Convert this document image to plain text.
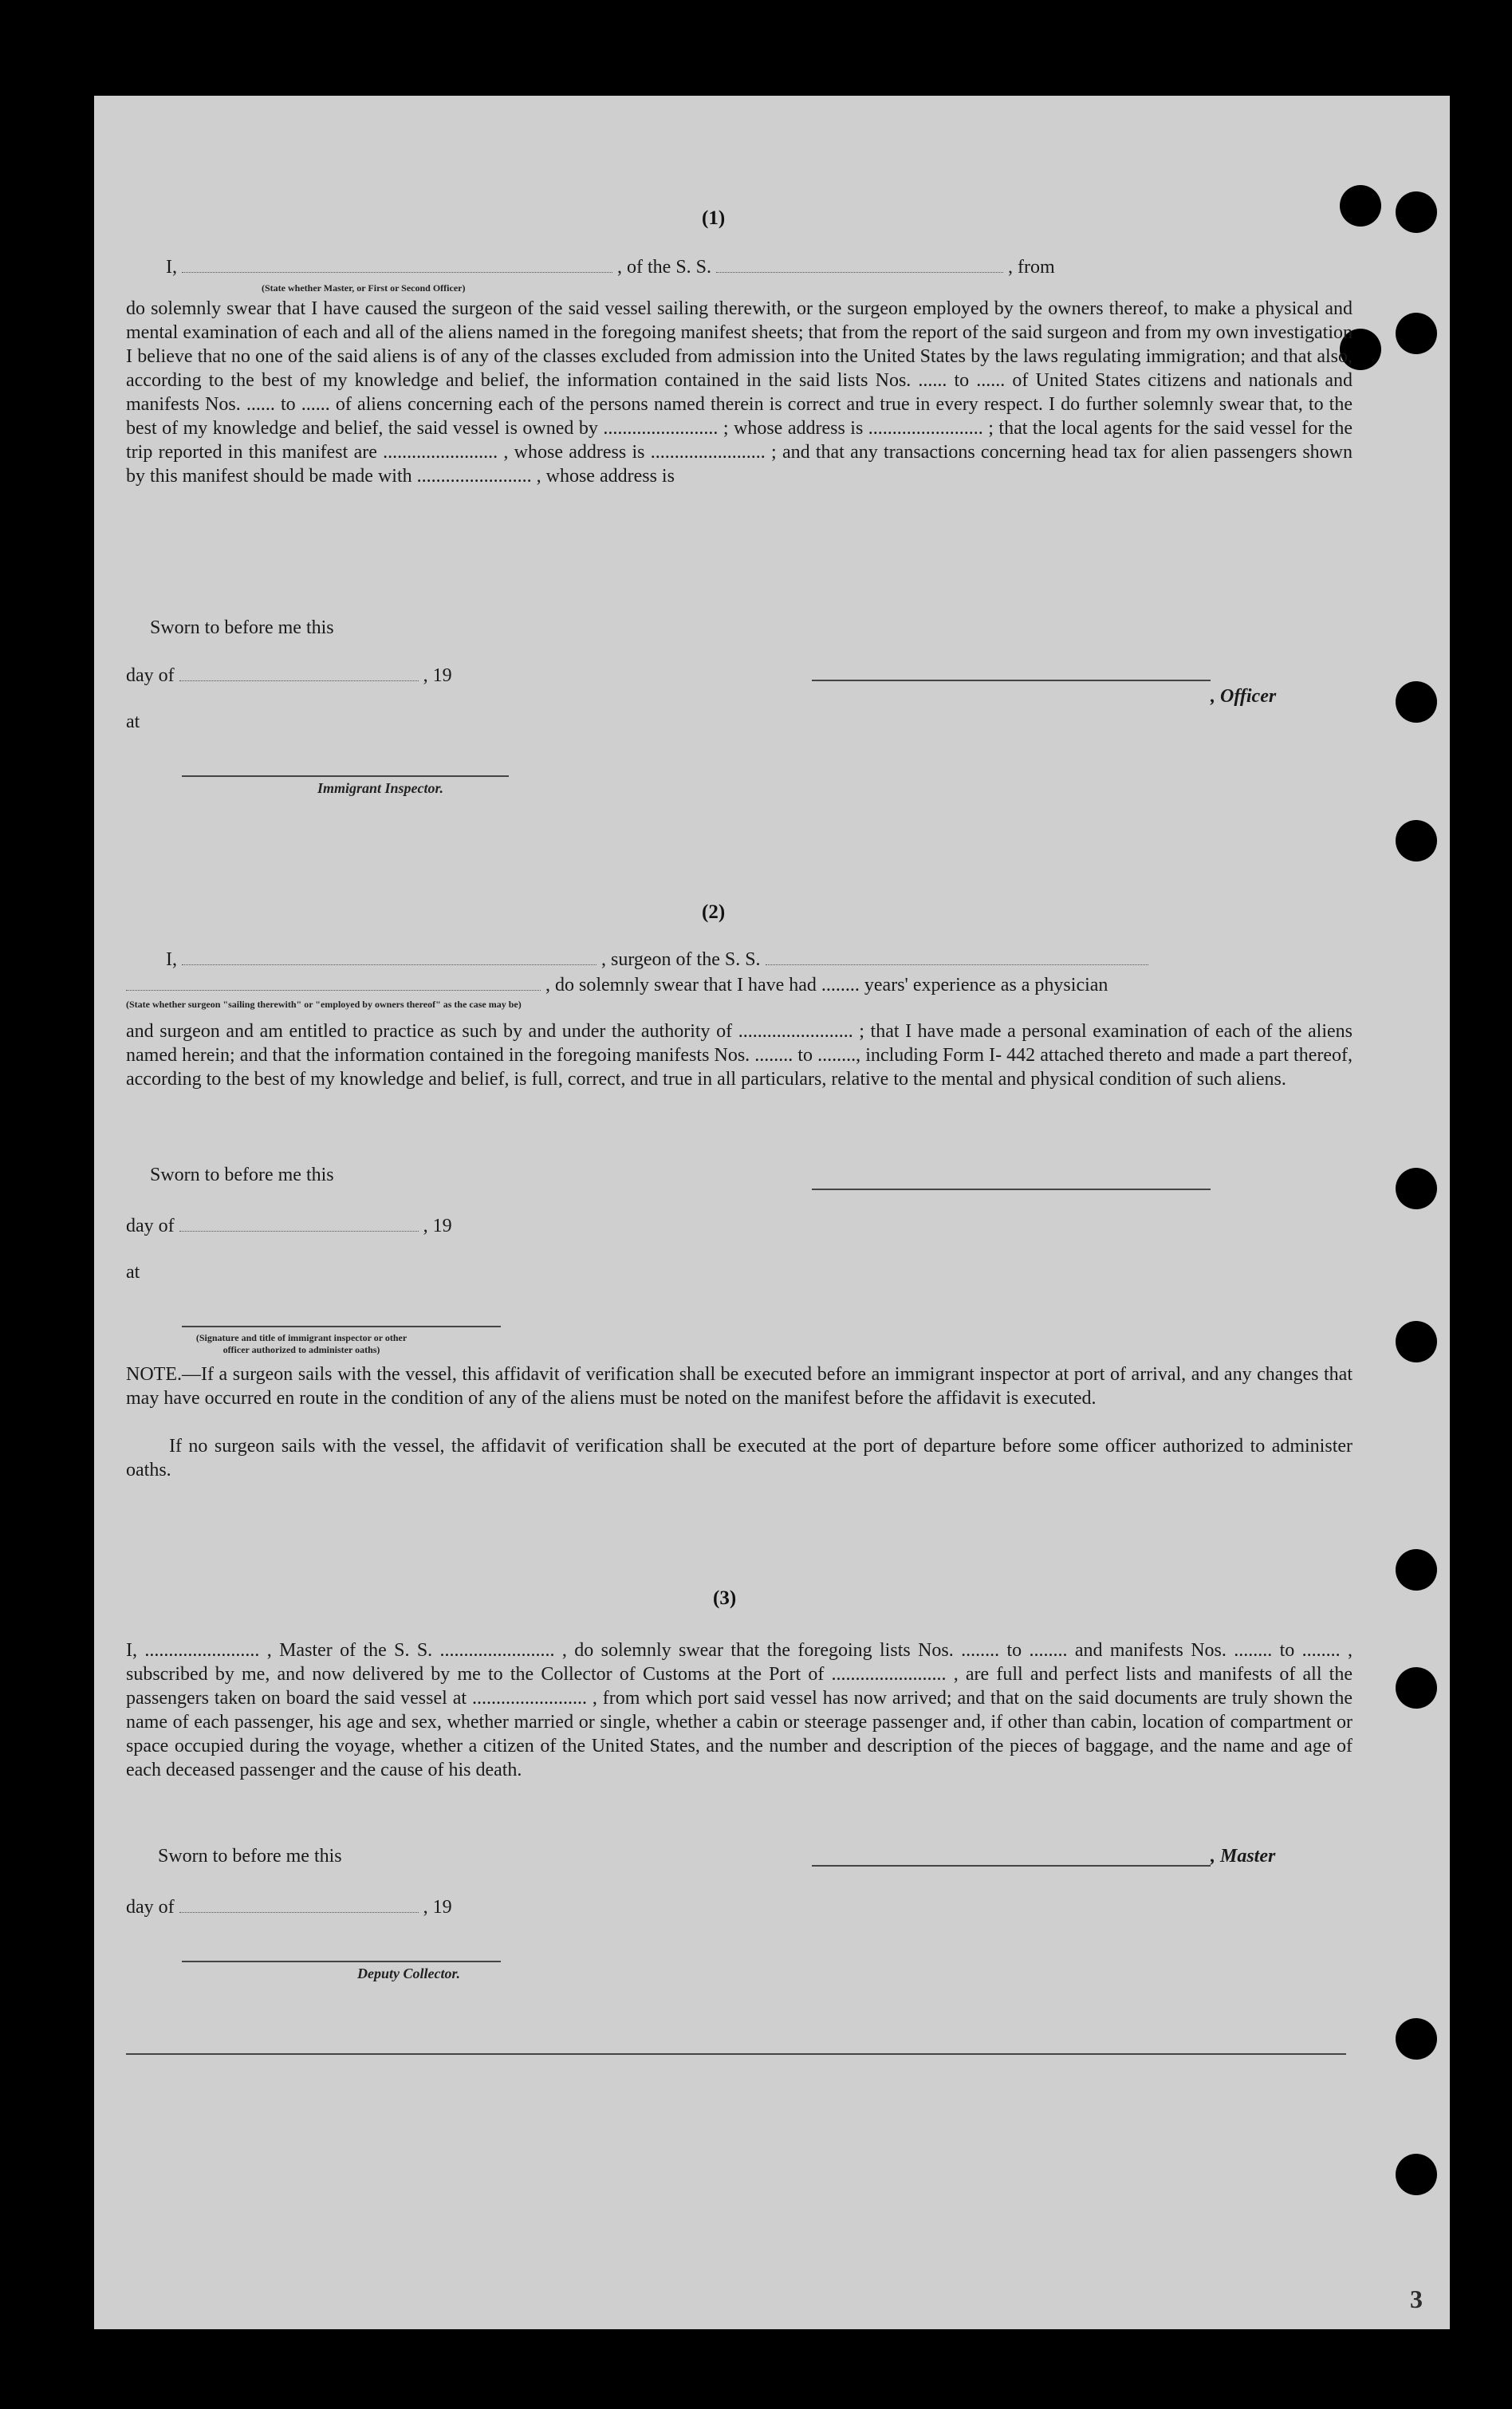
(1)
I,	, of the S. S.	, from
(State whether Master, or First or Second Officer)
do solemnly swear that I have caused the surgeon of the said vessel sailing therewith, or the surgeon employed by the owners thereof, to make a physical and mental examination of each and all of the aliens named in the foregoing manifest sheets; that from the report of the said surgeon and from my own investigation I believe that no one of the said aliens is of any of the classes excluded from admission into the United States by the laws regulating immigration; and that also, according to the best of my knowledge and belief, the information contained in the said lists Nos. ...... to ...... of United States citizens and nationals and manifests Nos. ...... to ...... of aliens concerning each of the persons named therein is correct and true in every respect. I do further solemnly swear that, to the best of my knowledge and belief, the said vessel is owned by ........................ ; whose address is ........................ ; that the local agents for the said vessel for the trip reported in this manifest are ........................ , whose address is ........................ ; and that any transactions concerning head tax for alien passengers shown by this manifest should be made with ........................ , whose address is
Sworn to before me this
day of	, 19
at
, Officer
Immigrant Inspector.
(2)
I,	, surgeon of the S. S.
, do solemnly swear that I have had ........ years' experience as a physician
(State whether surgeon "sailing therewith" or "employed by owners thereof" as the case may be)
and surgeon and am entitled to practice as such by and under the authority of ........................ ; that I have made a personal examination of each of the aliens named herein; and that the information contained in the foregoing manifests Nos. ........ to ........, including Form I- 442 attached thereto and made a part thereof, according to the best of my knowledge and belief, is full, correct, and true in all particulars, relative to the mental and physical condition of such aliens.
Sworn to before me this
day of	, 19
at
(Signature and title of immigrant inspector or other officer authorized to administer oaths)
NOTE.—If a surgeon sails with the vessel, this affidavit of verification shall be executed before an immigrant inspector at port of arrival, and any changes that may have occurred en route in the condition of any of the aliens must be noted on the manifest before the affidavit is executed.
If no surgeon sails with the vessel, the affidavit of verification shall be executed at the port of departure before some officer authorized to administer oaths.
(3)
I, ........................ , Master of the S. S. ........................ , do solemnly swear that the foregoing lists Nos. ........ to ........ and manifests Nos. ........ to ........ , subscribed by me, and now delivered by me to the Collector of Customs at the Port of ........................ , are full and perfect lists and manifests of all the passengers taken on board the said vessel at ........................ , from which port said vessel has now arrived; and that on the said documents are truly shown the name of each passenger, his age and sex, whether married or single, whether a cabin or steerage passenger and, if other than cabin, location of compartment or space occupied during the voyage, whether a citizen of the United States, and the number and description of the pieces of baggage, and the name and age of each deceased passenger and the cause of his death.
Sworn to before me this	, Master
day of	, 19
Deputy Collector.
3
